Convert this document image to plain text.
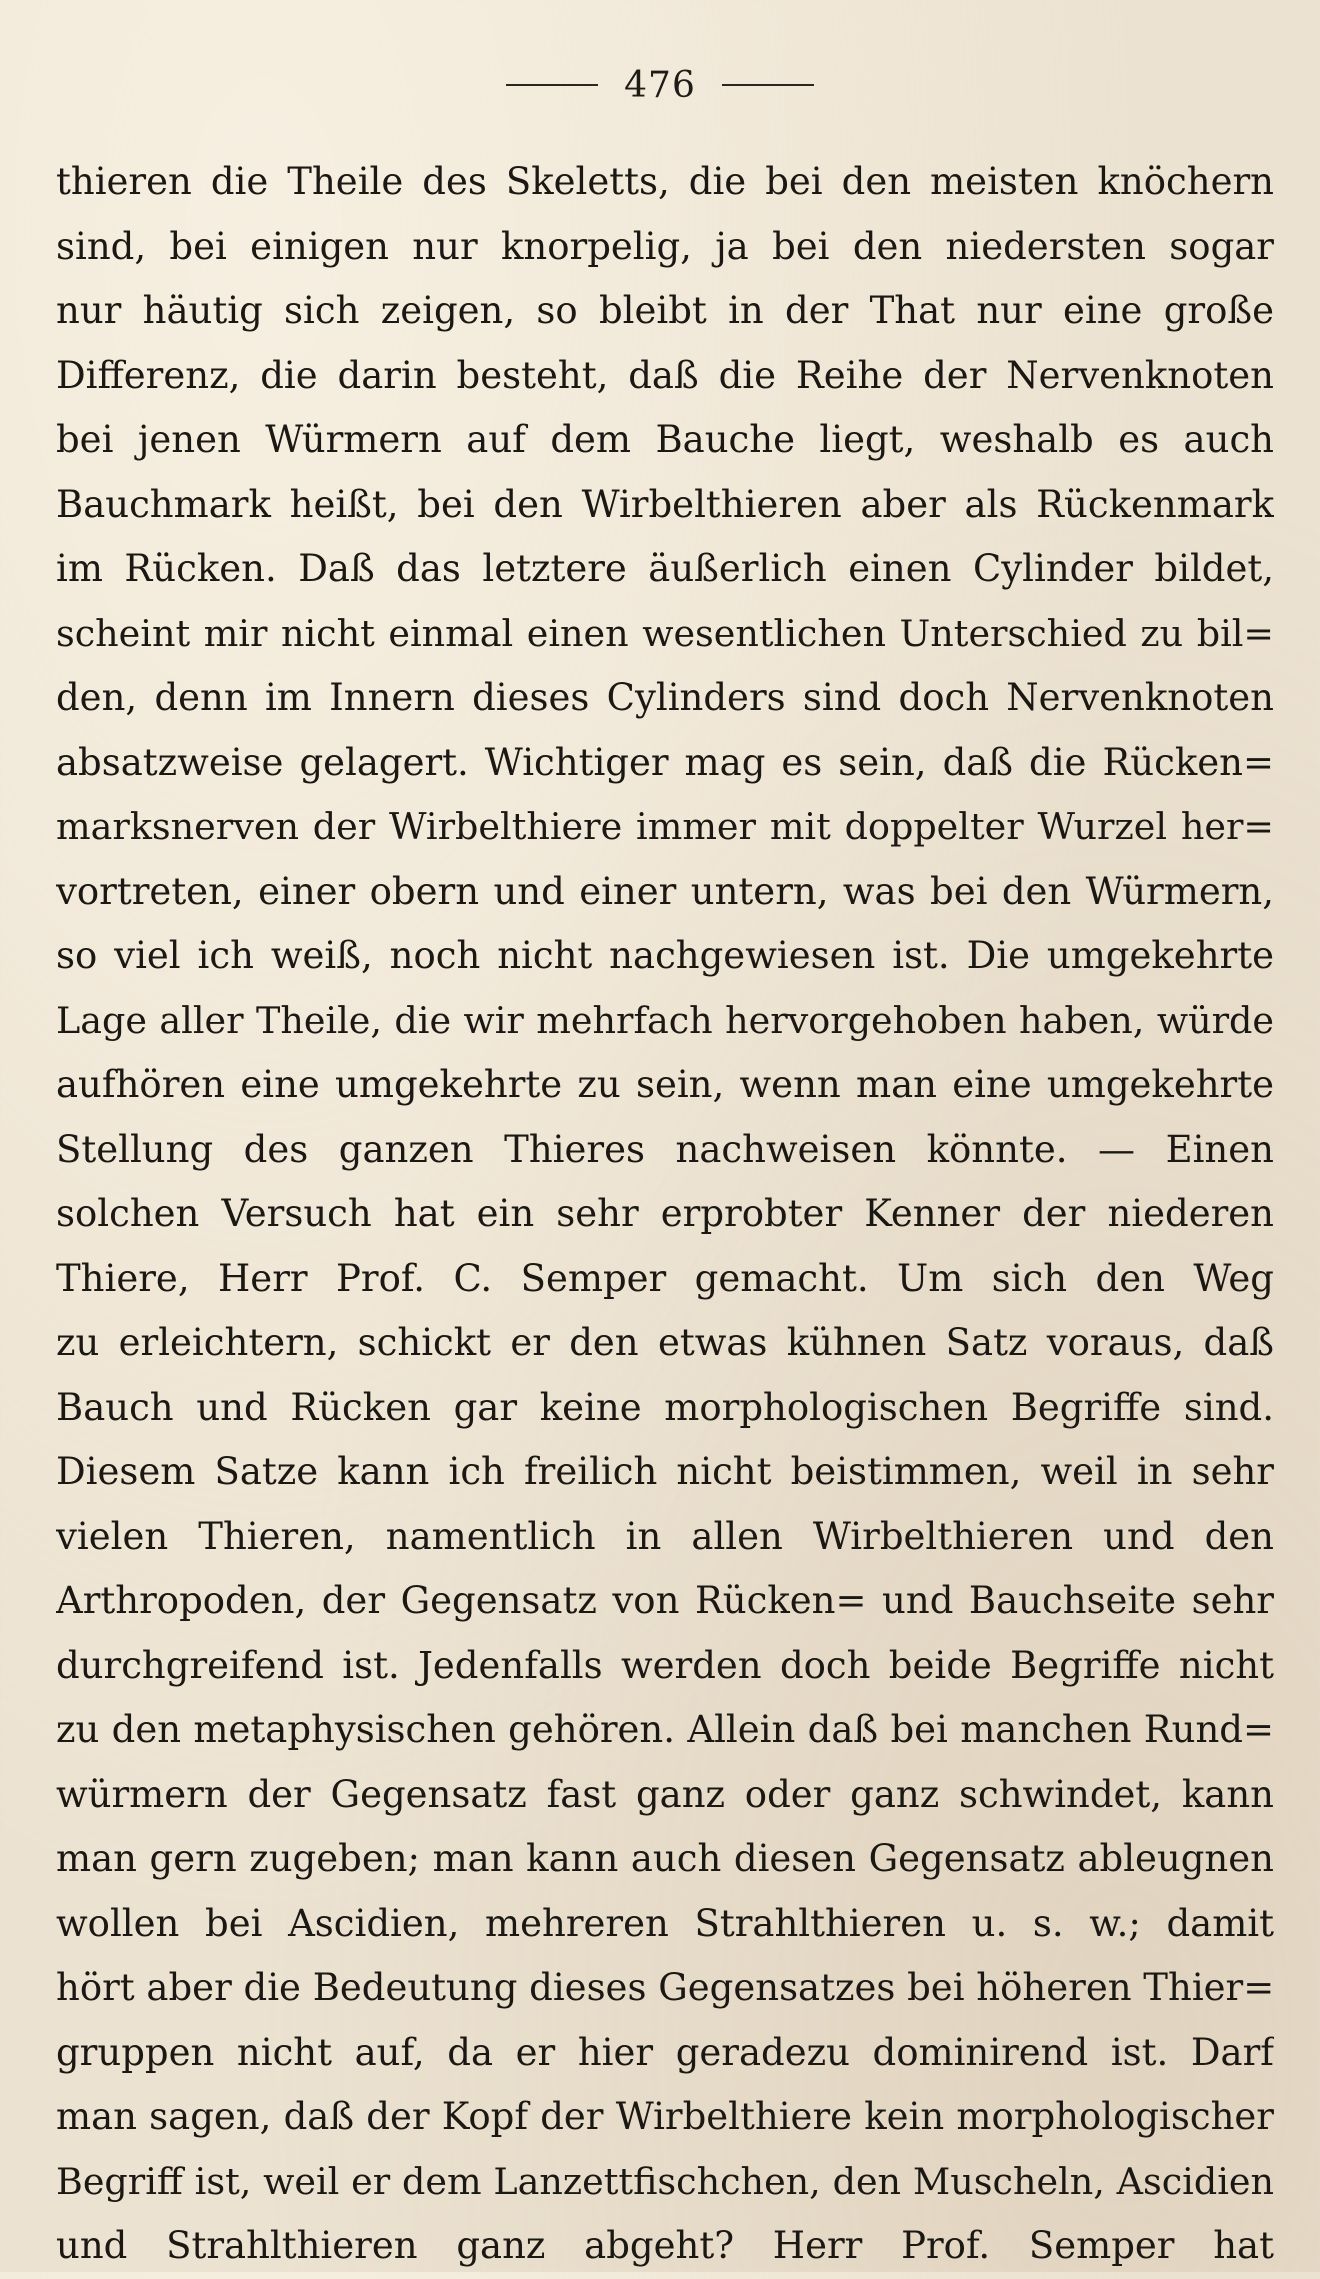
476
thieren die Theile des Skeletts, die bei den meisten knöchern
sind, bei einigen nur knorpelig, ja bei den niedersten sogar
nur häutig sich zeigen, so bleibt in der That nur eine große
Differenz, die darin besteht, daß die Reihe der Nervenknoten
bei jenen Würmern auf dem Bauche liegt, weshalb es auch
Bauchmark heißt, bei den Wirbelthieren aber als Rückenmark
im Rücken. Daß das letztere äußerlich einen Cylinder bildet,
scheint mir nicht einmal einen wesentlichen Unterschied zu bil=
den, denn im Innern dieses Cylinders sind doch Nervenknoten
absatzweise gelagert. Wichtiger mag es sein, daß die Rücken=
marksnerven der Wirbelthiere immer mit doppelter Wurzel her=
vortreten, einer obern und einer untern, was bei den Würmern,
so viel ich weiß, noch nicht nachgewiesen ist. Die umgekehrte
Lage aller Theile, die wir mehrfach hervorgehoben haben, würde
aufhören eine umgekehrte zu sein, wenn man eine umgekehrte
Stellung des ganzen Thieres nachweisen könnte. — Einen
solchen Versuch hat ein sehr erprobter Kenner der niederen
Thiere, Herr Prof. C. Semper gemacht. Um sich den Weg
zu erleichtern, schickt er den etwas kühnen Satz voraus, daß
Bauch und Rücken gar keine morphologischen Begriffe sind.
Diesem Satze kann ich freilich nicht beistimmen, weil in sehr
vielen Thieren, namentlich in allen Wirbelthieren und den
Arthropoden, der Gegensatz von Rücken= und Bauchseite sehr
durchgreifend ist. Jedenfalls werden doch beide Begriffe nicht
zu den metaphysischen gehören. Allein daß bei manchen Rund=
würmern der Gegensatz fast ganz oder ganz schwindet, kann
man gern zugeben; man kann auch diesen Gegensatz ableugnen
wollen bei Ascidien, mehreren Strahlthieren u. s. w.; damit
hört aber die Bedeutung dieses Gegensatzes bei höheren Thier=
gruppen nicht auf, da er hier geradezu dominirend ist. Darf
man sagen, daß der Kopf der Wirbelthiere kein morphologischer
Begriff ist, weil er dem Lanzettfischchen, den Muscheln, Ascidien
und Strahlthieren ganz abgeht? Herr Prof. Semper hat
